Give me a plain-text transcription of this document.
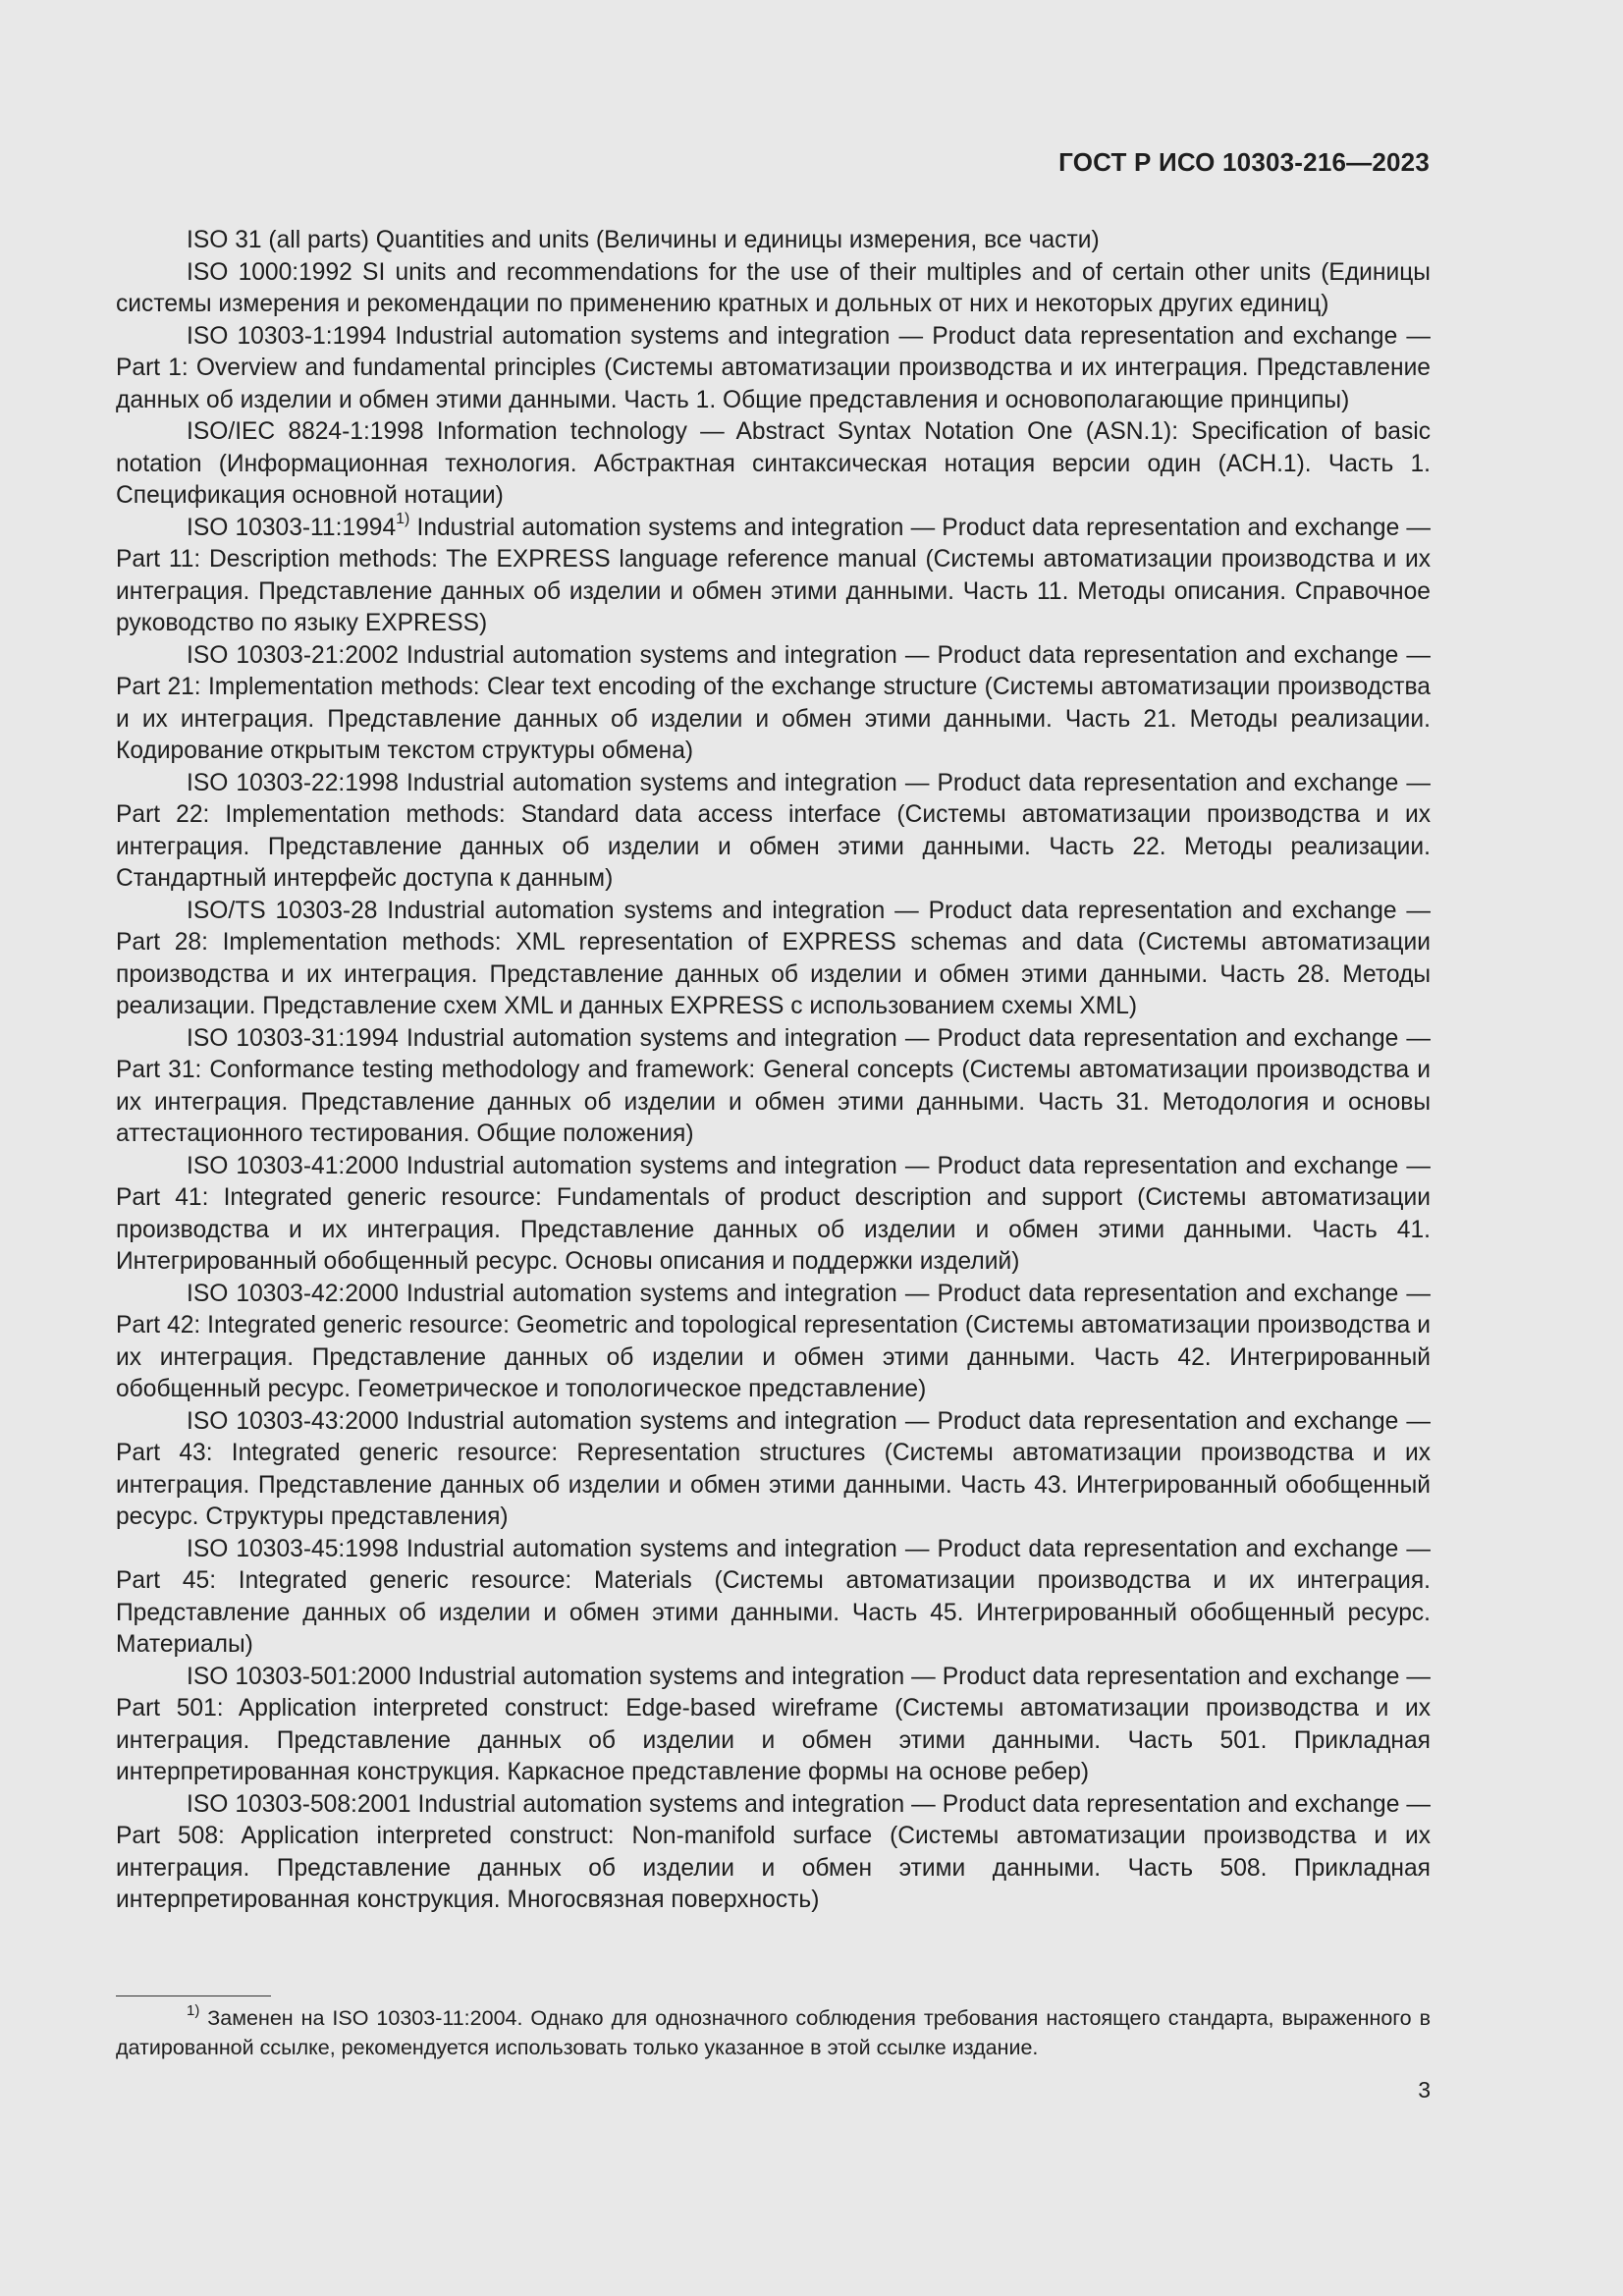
ГОСТ Р ИСО 10303-216—2023

ISO 31 (all parts) Quantities and units (Величины и единицы измерения, все части)

ISO 1000:1992 SI units and recommendations for the use of their multiples and of certain other units (Единицы системы измерения и рекомендации по применению кратных и дольных от них и некоторых других единиц)

ISO 10303-1:1994 Industrial automation systems and integration — Product data representation and exchange — Part 1: Overview and fundamental principles (Системы автоматизации производства и их интеграция. Представление данных об изделии и обмен этими данными. Часть 1. Общие представления и основополагающие принципы)

ISO/IEC 8824-1:1998 Information technology — Abstract Syntax Notation One (ASN.1): Specification of basic notation (Информационная технология. Абстрактная синтаксическая нотация версии один (АСН.1). Часть 1. Спецификация основной нотации)

ISO 10303-11:1994$^{1)}$ Industrial automation systems and integration — Product data representation and exchange — Part 11: Description methods: The EXPRESS language reference manual (Системы автоматизации производства и их интеграция. Представление данных об изделии и обмен этими данными. Часть 11. Методы описания. Справочное руководство по языку EXPRESS)

ISO 10303-21:2002 Industrial automation systems and integration — Product data representation and exchange — Part 21: Implementation methods: Clear text encoding of the exchange structure (Системы автоматизации производства и их интеграция. Представление данных об изделии и обмен этими данными. Часть 21. Методы реализации. Кодирование открытым текстом структуры обмена)

ISO 10303-22:1998 Industrial automation systems and integration — Product data representation and exchange — Part 22: Implementation methods: Standard data access interface (Системы автоматизации производства и их интеграция. Представление данных об изделии и обмен этими данными. Часть 22. Методы реализации. Стандартный интерфейс доступа к данным)

ISO/TS 10303-28 Industrial automation systems and integration — Product data representation and exchange — Part 28: Implementation methods: XML representation of EXPRESS schemas and data (Системы автоматизации производства и их интеграция. Представление данных об изделии и обмен этими данными. Часть 28. Методы реализации. Представление схем XML и данных EXPRESS с использованием схемы XML)

ISO 10303-31:1994 Industrial automation systems and integration — Product data representation and exchange — Part 31: Conformance testing methodology and framework: General concepts (Системы автоматизации производства и их интеграция. Представление данных об изделии и обмен этими данными. Часть 31. Методология и основы аттестационного тестирования. Общие положения)

ISO 10303-41:2000 Industrial automation systems and integration — Product data representation and exchange — Part 41: Integrated generic resource: Fundamentals of product description and support (Системы автоматизации производства и их интеграция. Представление данных об изделии и обмен этими данными. Часть 41. Интегрированный обобщенный ресурс. Основы описания и поддержки изделий)

ISO 10303-42:2000 Industrial automation systems and integration — Product data representation and exchange — Part 42: Integrated generic resource: Geometric and topological representation (Системы автоматизации производства и их интеграция. Представление данных об изделии и обмен этими данными. Часть 42. Интегрированный обобщенный ресурс. Геометрическое и топологическое представление)

ISO 10303-43:2000 Industrial automation systems and integration — Product data representation and exchange — Part 43: Integrated generic resource: Representation structures (Системы автоматизации производства и их интеграция. Представление данных об изделии и обмен этими данными. Часть 43. Интегрированный обобщенный ресурс. Структуры представления)

ISO 10303-45:1998 Industrial automation systems and integration — Product data representation and exchange — Part 45: Integrated generic resource: Materials (Системы автоматизации производства и их интеграция. Представление данных об изделии и обмен этими данными. Часть 45. Интегрированный обобщенный ресурс. Материалы)

ISO 10303-501:2000 Industrial automation systems and integration — Product data representation and exchange — Part 501: Application interpreted construct: Edge-based wireframe (Системы автоматизации производства и их интеграция. Представление данных об изделии и обмен этими данными. Часть 501. Прикладная интерпретированная конструкция. Каркасное представление формы на основе ребер)

ISO 10303-508:2001 Industrial automation systems and integration — Product data representation and exchange — Part 508: Application interpreted construct: Non-manifold surface (Системы автоматизации производства и их интеграция. Представление данных об изделии и обмен этими данными. Часть 508. Прикладная интерпретированная конструкция. Многосвязная поверхность)

$^{1)}$ Заменен на ISO 10303-11:2004. Однако для однозначного соблюдения требования настоящего стандарта, выраженного в датированной ссылке, рекомендуется использовать только указанное в этой ссылке издание.

3
